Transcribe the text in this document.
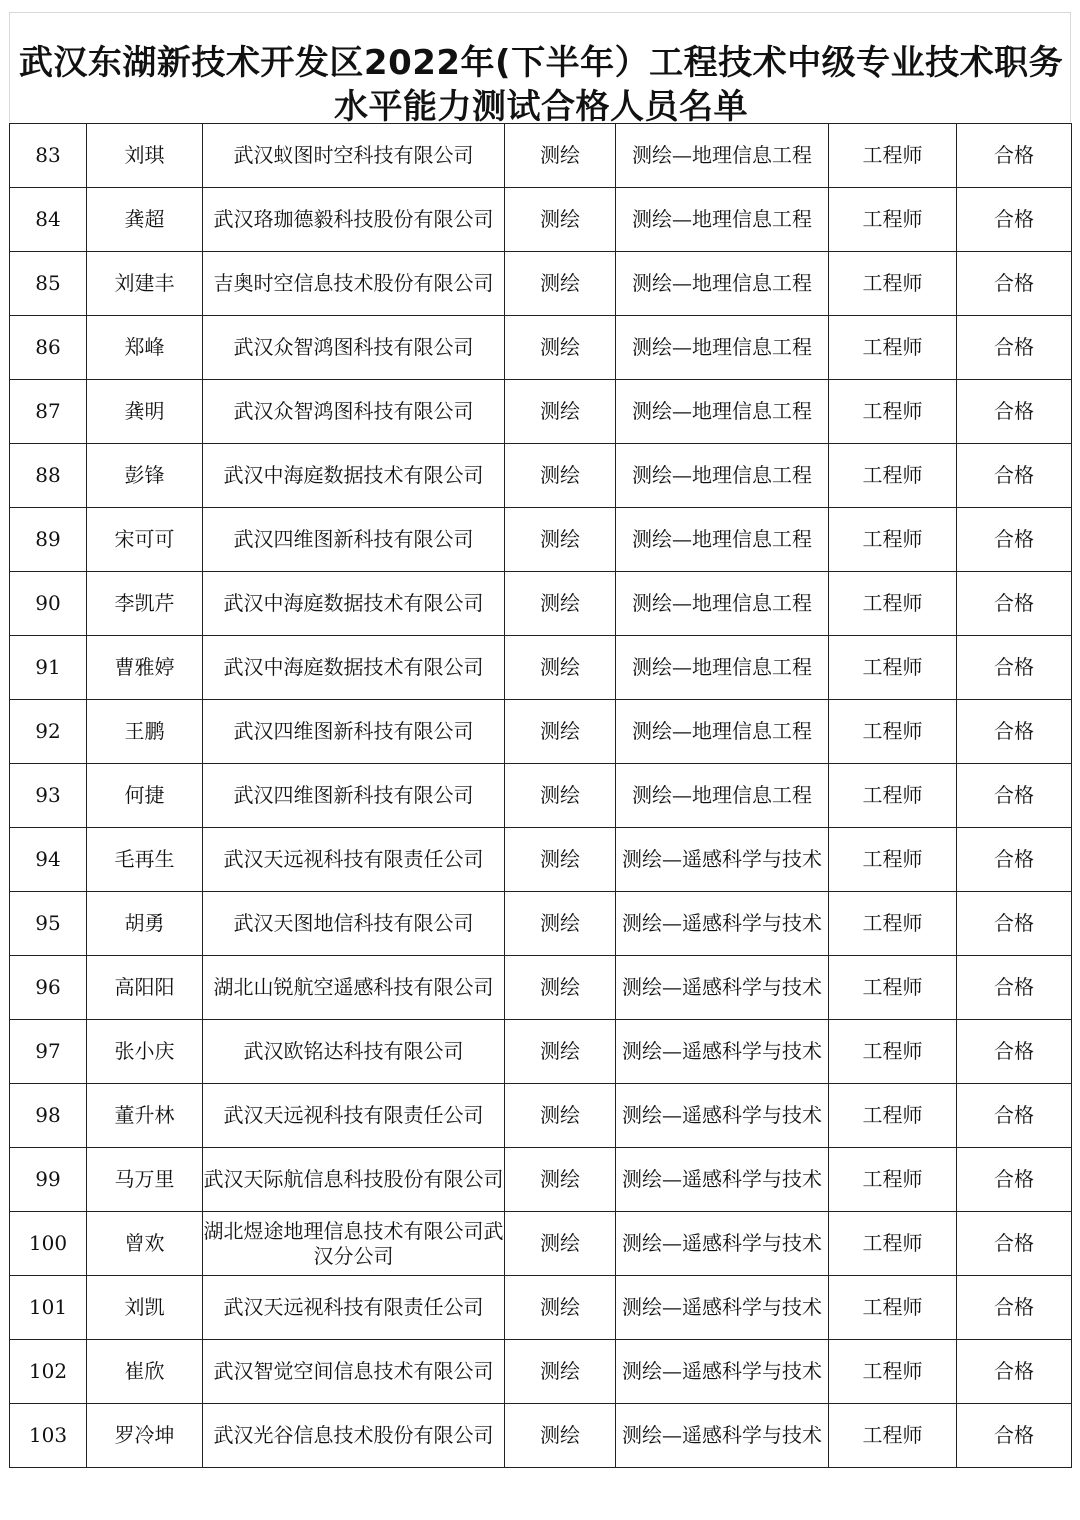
武汉东湖新技术开发区2022年(下半年）工程技术中级专业技术职务
水平能力测试合格人员名单
83	刘琪	武汉蚁图时空科技有限公司	测绘	测绘—地理信息工程	工程师	合格
84	龚超	武汉珞珈德毅科技股份有限公司	测绘	测绘—地理信息工程	工程师	合格
85	刘建丰	吉奥时空信息技术股份有限公司	测绘	测绘—地理信息工程	工程师	合格
86	郑峰	武汉众智鸿图科技有限公司	测绘	测绘—地理信息工程	工程师	合格
87	龚明	武汉众智鸿图科技有限公司	测绘	测绘—地理信息工程	工程师	合格
88	彭锋	武汉中海庭数据技术有限公司	测绘	测绘—地理信息工程	工程师	合格
89	宋可可	武汉四维图新科技有限公司	测绘	测绘—地理信息工程	工程师	合格
90	李凯芹	武汉中海庭数据技术有限公司	测绘	测绘—地理信息工程	工程师	合格
91	曹雅婷	武汉中海庭数据技术有限公司	测绘	测绘—地理信息工程	工程师	合格
92	王鹏	武汉四维图新科技有限公司	测绘	测绘—地理信息工程	工程师	合格
93	何捷	武汉四维图新科技有限公司	测绘	测绘—地理信息工程	工程师	合格
94	毛再生	武汉天远视科技有限责任公司	测绘	测绘—遥感科学与技术	工程师	合格
95	胡勇	武汉天图地信科技有限公司	测绘	测绘—遥感科学与技术	工程师	合格
96	高阳阳	湖北山锐航空遥感科技有限公司	测绘	测绘—遥感科学与技术	工程师	合格
97	张小庆	武汉欧铭达科技有限公司	测绘	测绘—遥感科学与技术	工程师	合格
98	董升林	武汉天远视科技有限责任公司	测绘	测绘—遥感科学与技术	工程师	合格
99	马万里	武汉天际航信息科技股份有限公司	测绘	测绘—遥感科学与技术	工程师	合格
100	曾欢	湖北煜途地理信息技术有限公司武汉分公司	测绘	测绘—遥感科学与技术	工程师	合格
101	刘凯	武汉天远视科技有限责任公司	测绘	测绘—遥感科学与技术	工程师	合格
102	崔欣	武汉智觉空间信息技术有限公司	测绘	测绘—遥感科学与技术	工程师	合格
103	罗冷坤	武汉光谷信息技术股份有限公司	测绘	测绘—遥感科学与技术	工程师	合格
